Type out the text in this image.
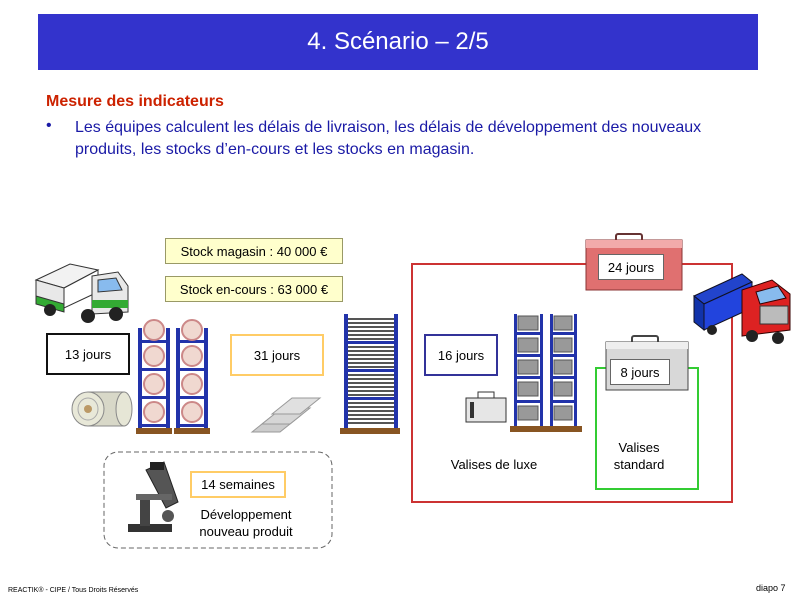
4. Scénario – 2/5
Mesure des indicateurs
• Les équipes calculent les délais de livraison, les délais de développement des nouveaux produits, les stocks d’en-cours et les stocks en magasin.
Stock magasin : 40 000 €
Stock en-cours : 63 000 €
13 jours	31 jours	16 jours
24 jours
8 jours
14 semaines
Valises de luxe
Valises
standard
Développement
nouveau produit
REACTIK® - CIPE / Tous Droits Réservés	diapo 7
